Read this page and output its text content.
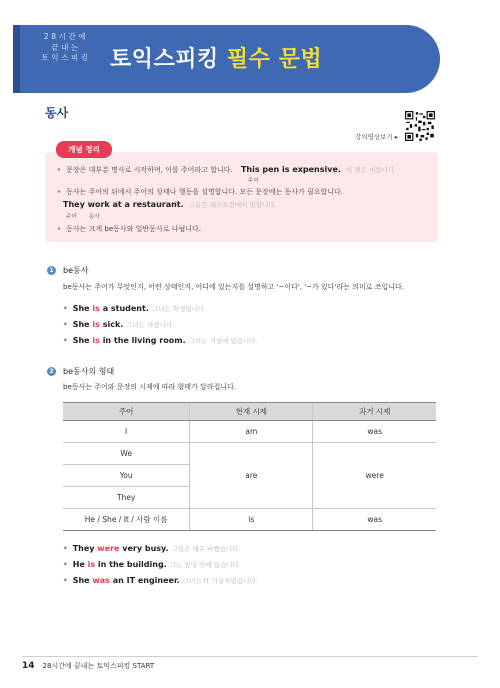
28시간에
끝내는
토익스피킹 토익스피킹 필수 문법
동사
강의영상보기 ▸
개념 정리
• 문장은 대부분 명사로 시작하며, 이를 주어라고 합니다. This pen is expensive. 이 펜은 비쌉니다.
주어
• 동사는 주어의 뒤에서 주어의 상태나 행동을 설명합니다. 모든 문장에는 동사가 필요합니다.
They work at a restaurant. 그들은 레스토랑에서 일합니다.
주어 동사
• 동사는 크게 be동사와 일반동사로 나뉩니다.
1	be동사
be동사는 주어가 무엇인지, 어떤 상태인지, 어디에 있는지를 설명하고 '~이다', '~가 있다'라는 의미로 쓰입니다.
• She is a student. 그녀는 학생입니다.
• She is sick. 그녀는 아픕니다.
• She is in the living room. 그녀는 거실에 있습니다.
2	be동사의 형태
be동사는 주어와 문장의 시제에 따라 형태가 달라집니다.
주어	현재 시제	과거 시제
I	am	was
We	are	were
You		
They		
He / She / It / 사람 이름	is	was
• They were very busy. 그들은 매우 바빴습니다.
• He is in the building. 그는 빌딩 안에 있습니다.
• She was an IT engineer. 그녀는 IT 기술자였습니다.
14 28시간에 끝내는 토익스피킹 START
